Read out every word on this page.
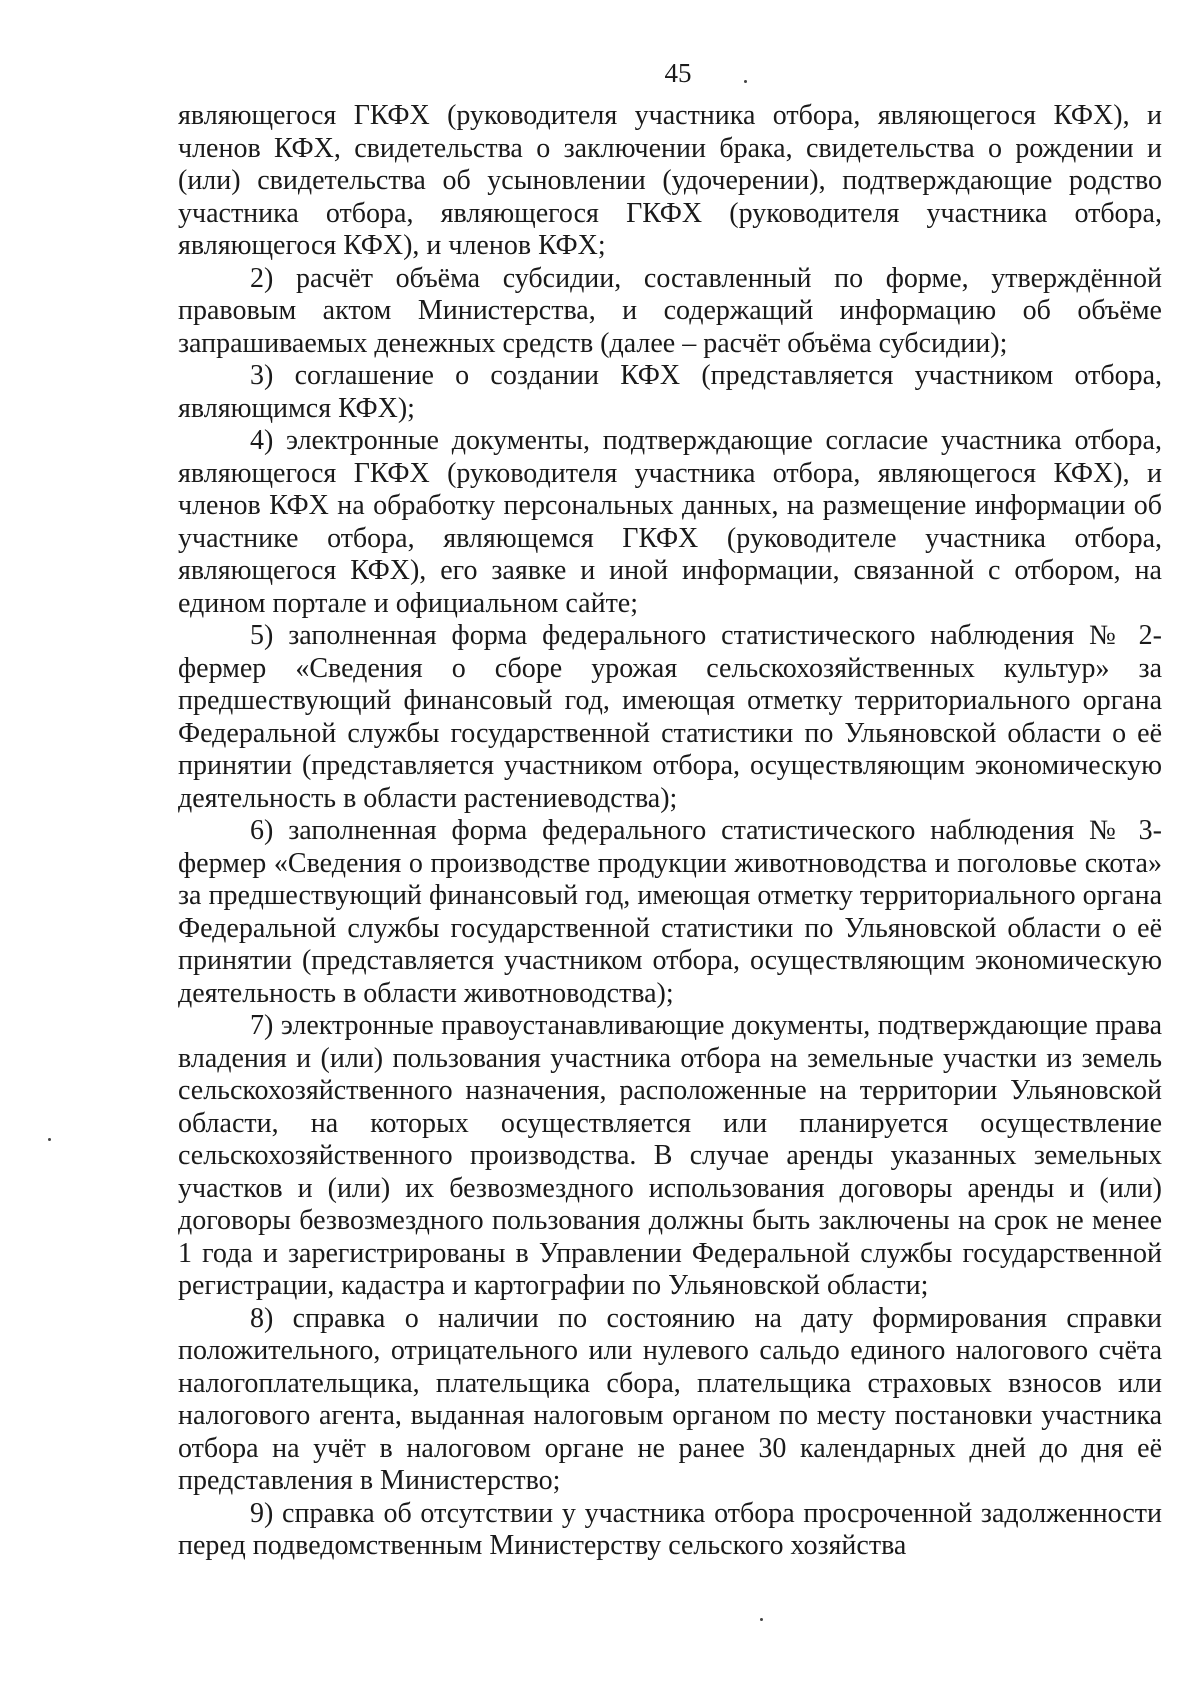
45

являющегося ГКФХ (руководителя участника отбора, являющегося КФХ), и членов КФХ, свидетельства о заключении брака, свидетельства о рождении и (или) свидетельства об усыновлении (удочерении), подтверждающие родство участника отбора, являющегося ГКФХ (руководителя участника отбора, являющегося КФХ), и членов КФХ;

2) расчёт объёма субсидии, составленный по форме, утверждённой правовым актом Министерства, и содержащий информацию об объёме запрашиваемых денежных средств (далее – расчёт объёма субсидии);

3) соглашение о создании КФХ (представляется участником отбора, являющимся КФХ);

4) электронные документы, подтверждающие согласие участника отбора, являющегося ГКФХ (руководителя участника отбора, являющегося КФХ), и членов КФХ на обработку персональных данных, на размещение информации об участнике отбора, являющемся ГКФХ (руководителе участника отбора, являющегося КФХ), его заявке и иной информации, связанной с отбором, на едином портале и официальном сайте;

5) заполненная форма федерального статистического наблюдения № 2-фермер «Сведения о сборе урожая сельскохозяйственных культур» за предшествующий финансовый год, имеющая отметку территориального органа Федеральной службы государственной статистики по Ульяновской области о её принятии (представляется участником отбора, осуществляющим экономическую деятельность в области растениеводства);

6) заполненная форма федерального статистического наблюдения № 3-фермер «Сведения о производстве продукции животноводства и поголовье скота» за предшествующий финансовый год, имеющая отметку территориального органа Федеральной службы государственной статистики по Ульяновской области о её принятии (представляется участником отбора, осуществляющим экономическую деятельность в области животноводства);

7) электронные правоустанавливающие документы, подтверждающие права владения и (или) пользования участника отбора на земельные участки из земель сельскохозяйственного назначения, расположенные на территории Ульяновской области, на которых осуществляется или планируется осуществление сельскохозяйственного производства. В случае аренды указанных земельных участков и (или) их безвозмездного использования договоры аренды и (или) договоры безвозмездного пользования должны быть заключены на срок не менее 1 года и зарегистрированы в Управлении Федеральной службы государственной регистрации, кадастра и картографии по Ульяновской области;

8) справка о наличии по состоянию на дату формирования справки положительного, отрицательного или нулевого сальдо единого налогового счёта налогоплательщика, плательщика сбора, плательщика страховых взносов или налогового агента, выданная налоговым органом по месту постановки участника отбора на учёт в налоговом органе не ранее 30 календарных дней до дня её представления в Министерство;

9) справка об отсутствии у участника отбора просроченной задолженности перед подведомственным Министерству сельского хозяйства
